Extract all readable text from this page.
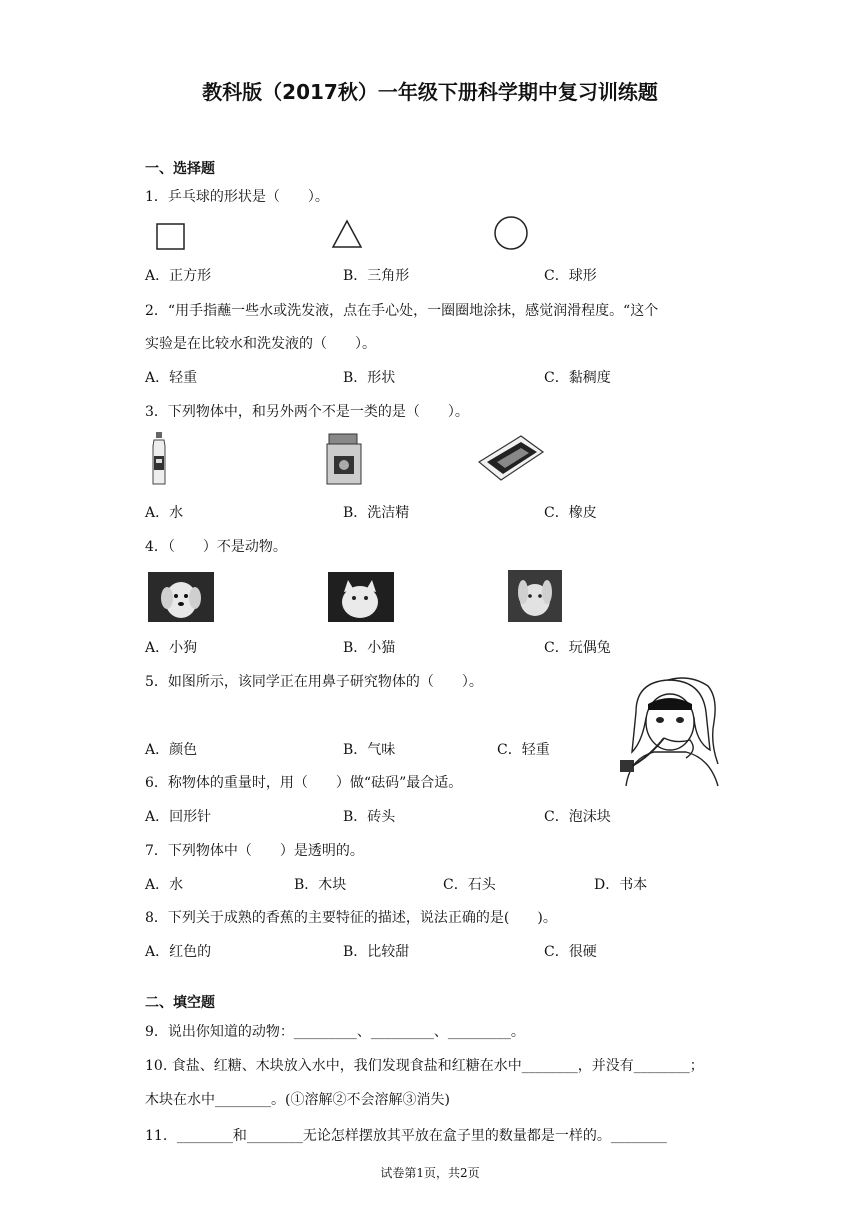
教科版（2017秋）一年级下册科学期中复习训练题
一、选择题
1．乒乓球的形状是（　　）。
A．正方形	B．三角形	C．球形
2．“用手指蘸一些水或洗发液，点在手心处，一圈圈地涂抹，感觉润滑程度。“这个
实验是在比较水和洗发液的（　　）。
A．轻重	B．形状	C．黏稠度
3．下列物体中，和另外两个不是一类的是（　　）。
A．水	B．洗洁精	C．橡皮
4．（　　）不是动物。
A．小狗	B．小猫	C．玩偶兔
5．如图所示，该同学正在用鼻子研究物体的（　　）。
A．颜色	B．气味	C．轻重
6．称物体的重量时，用（　　）做“砝码”最合适。
A．回形针	B．砖头	C．泡沫块
7．下列物体中（　　）是透明的。
A．水	B．木块	C．石头	D．书本
8．下列关于成熟的香蕉的主要特征的描述，说法正确的是(　　)。
A．红色的	B．比较甜	C．很硬
二、填空题
9．说出你知道的动物：_________、_________、_________。
10. 食盐、红糖、木块放入水中，我们发现食盐和红糖在水中________，并没有________；
木块在水中________。(①溶解②不会溶解③消失)
11．________和________无论怎样摆放其平放在盒子里的数量都是一样的。________
试卷第1页，共2页
